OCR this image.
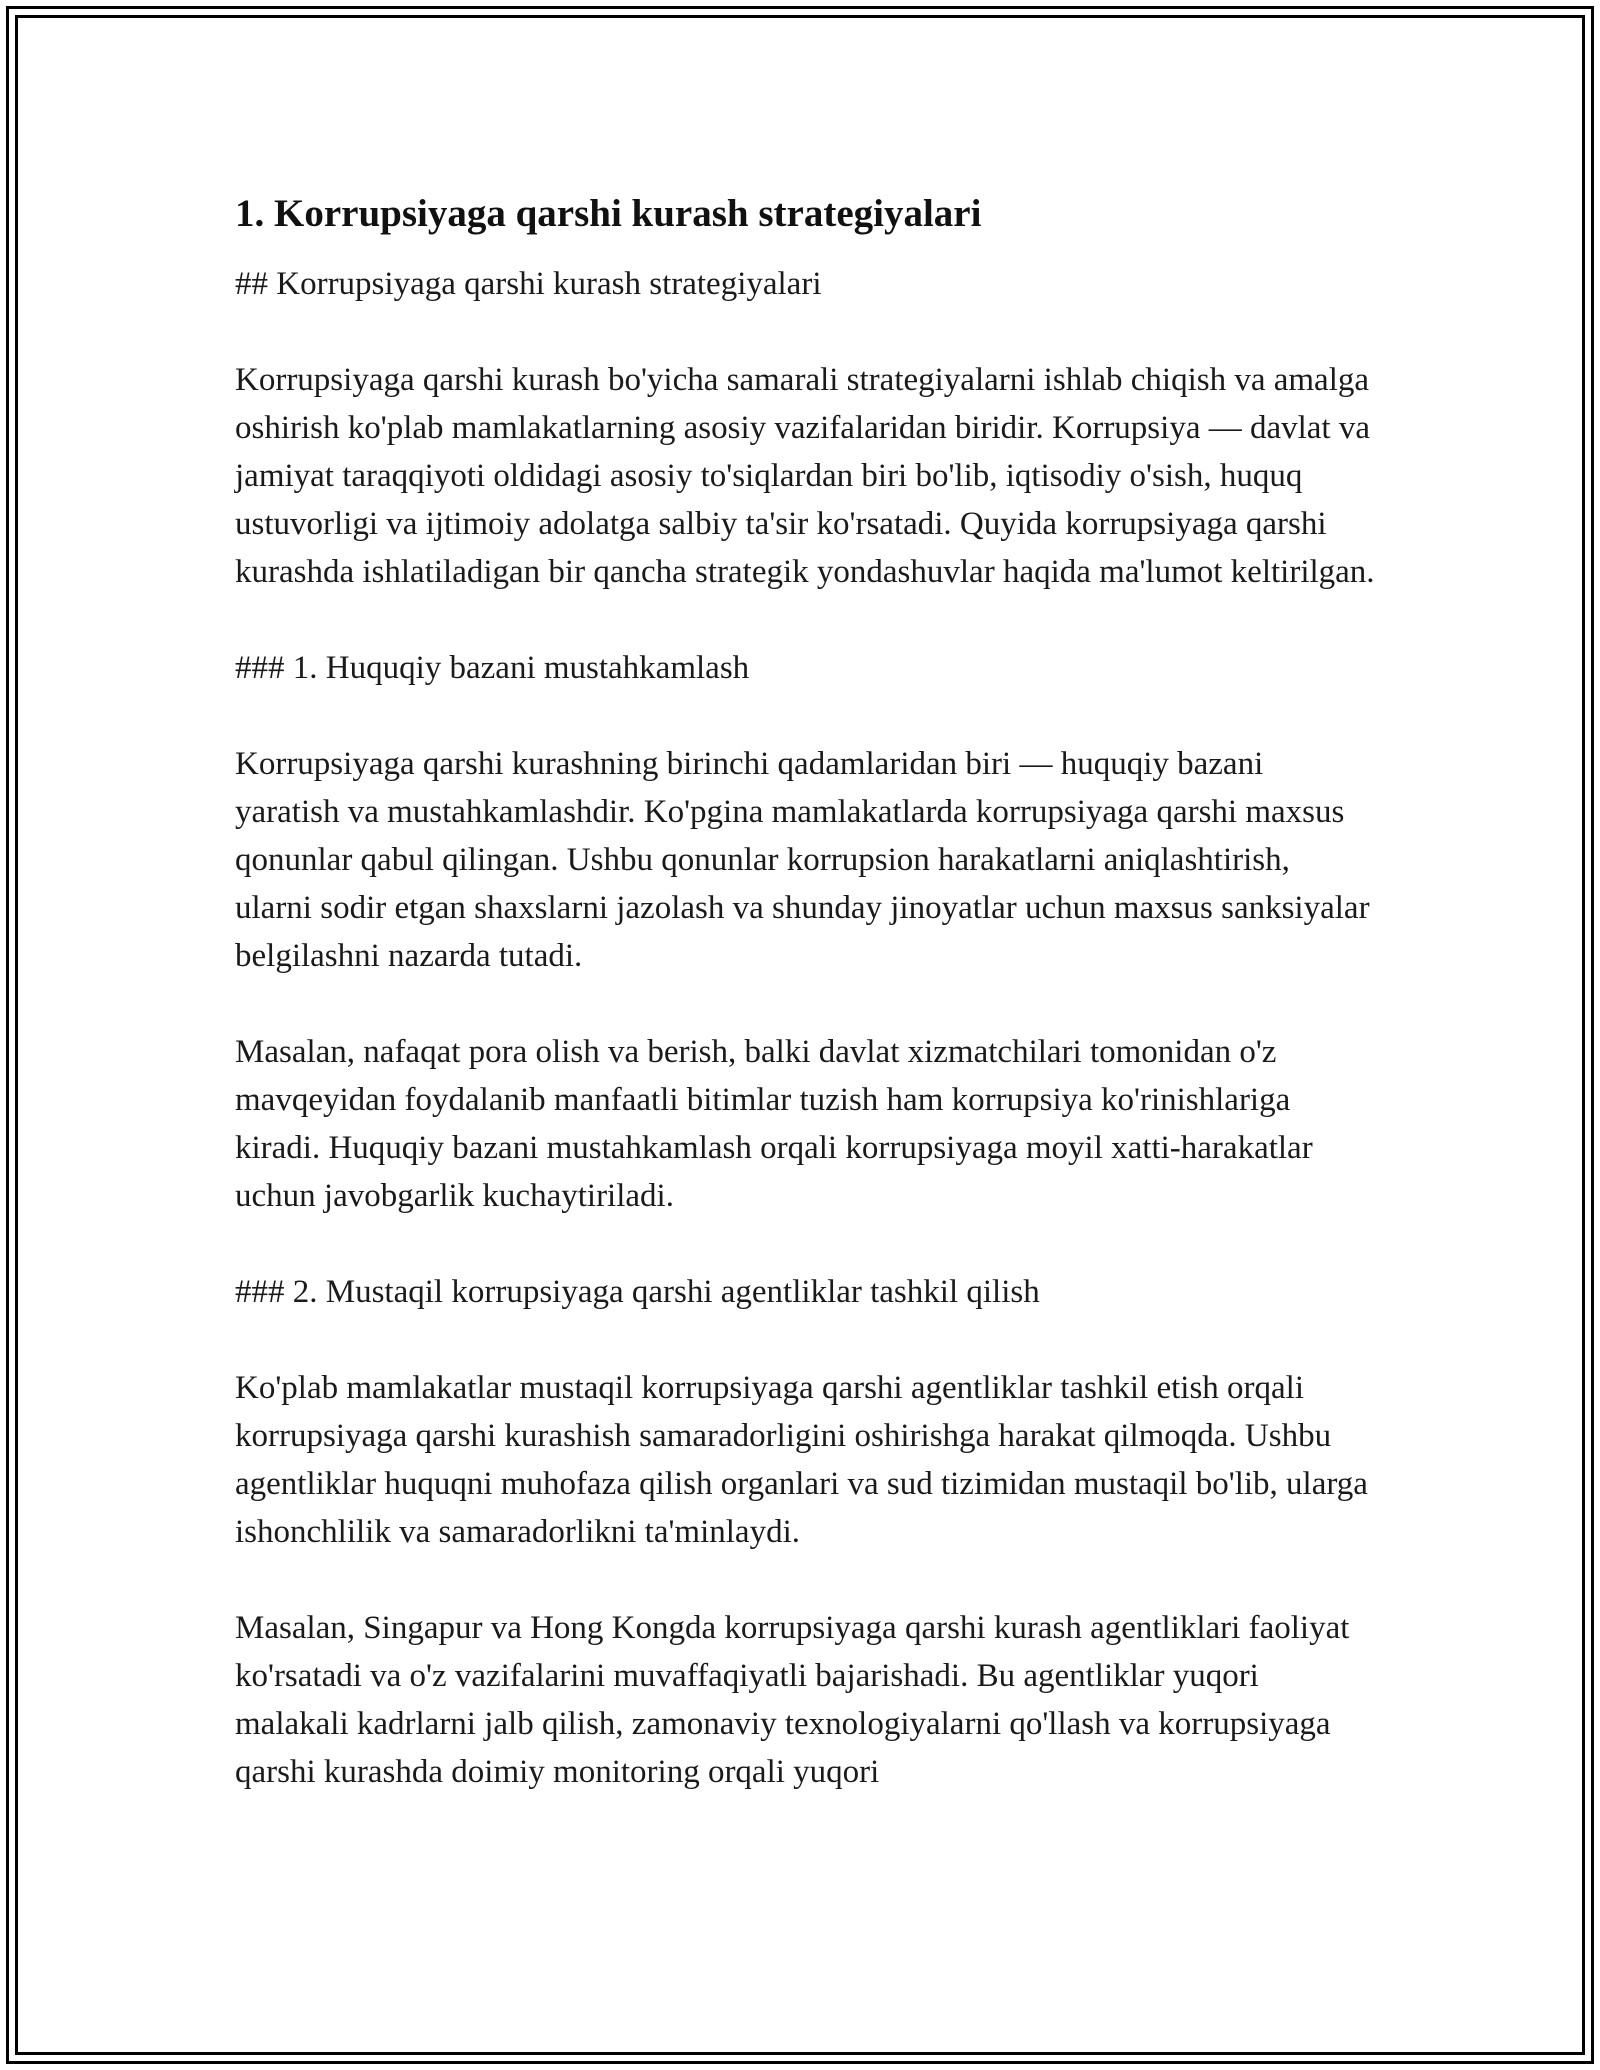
1. Korrupsiyaga qarshi kurash strategiyalari
## Korrupsiyaga qarshi kurash strategiyalari

Korrupsiyaga qarshi kurash bo'yicha samarali strategiyalarni ishlab chiqish va amalga oshirish ko'plab mamlakatlarning asosiy vazifalaridan biridir. Korrupsiya — davlat va jamiyat taraqqiyoti oldidagi asosiy to'siqlardan biri bo'lib, iqtisodiy o'sish, huquq ustuvorligi va ijtimoiy adolatga salbiy ta'sir ko'rsatadi. Quyida korrupsiyaga qarshi kurashda ishlatiladigan bir qancha strategik yondashuvlar haqida ma'lumot keltirilgan.

### 1. Huquqiy bazani mustahkamlash

Korrupsiyaga qarshi kurashning birinchi qadamlaridan biri — huquqiy bazani yaratish va mustahkamlashdir. Ko'pgina mamlakatlarda korrupsiyaga qarshi maxsus qonunlar qabul qilingan. Ushbu qonunlar korrupsion harakatlarni aniqlashtirish, ularni sodir etgan shaxslarni jazolash va shunday jinoyatlar uchun maxsus sanksiyalar belgilashni nazarda tutadi.

Masalan, nafaqat pora olish va berish, balki davlat xizmatchilari tomonidan o'z mavqeyidan foydalanib manfaatli bitimlar tuzish ham korrupsiya ko'rinishlariga kiradi. Huquqiy bazani mustahkamlash orqali korrupsiyaga moyil xatti-harakatlar uchun javobgarlik kuchaytiriladi.

### 2. Mustaqil korrupsiyaga qarshi agentliklar tashkil qilish

Ko'plab mamlakatlar mustaqil korrupsiyaga qarshi agentliklar tashkil etish orqali korrupsiyaga qarshi kurashish samaradorligini oshirishga harakat qilmoqda. Ushbu agentliklar huquqni muhofaza qilish organlari va sud tizimidan mustaqil bo'lib, ularga ishonchlilik va samaradorlikni ta'minlaydi.

Masalan, Singapur va Hong Kongda korrupsiyaga qarshi kurash agentliklari faoliyat ko'rsatadi va o'z vazifalarini muvaffaqiyatli bajarishadi. Bu agentliklar yuqori malakali kadrlarni jalb qilish, zamonaviy texnologiyalarni qo'llash va korrupsiyaga qarshi kurashda doimiy monitoring orqali yuqori
